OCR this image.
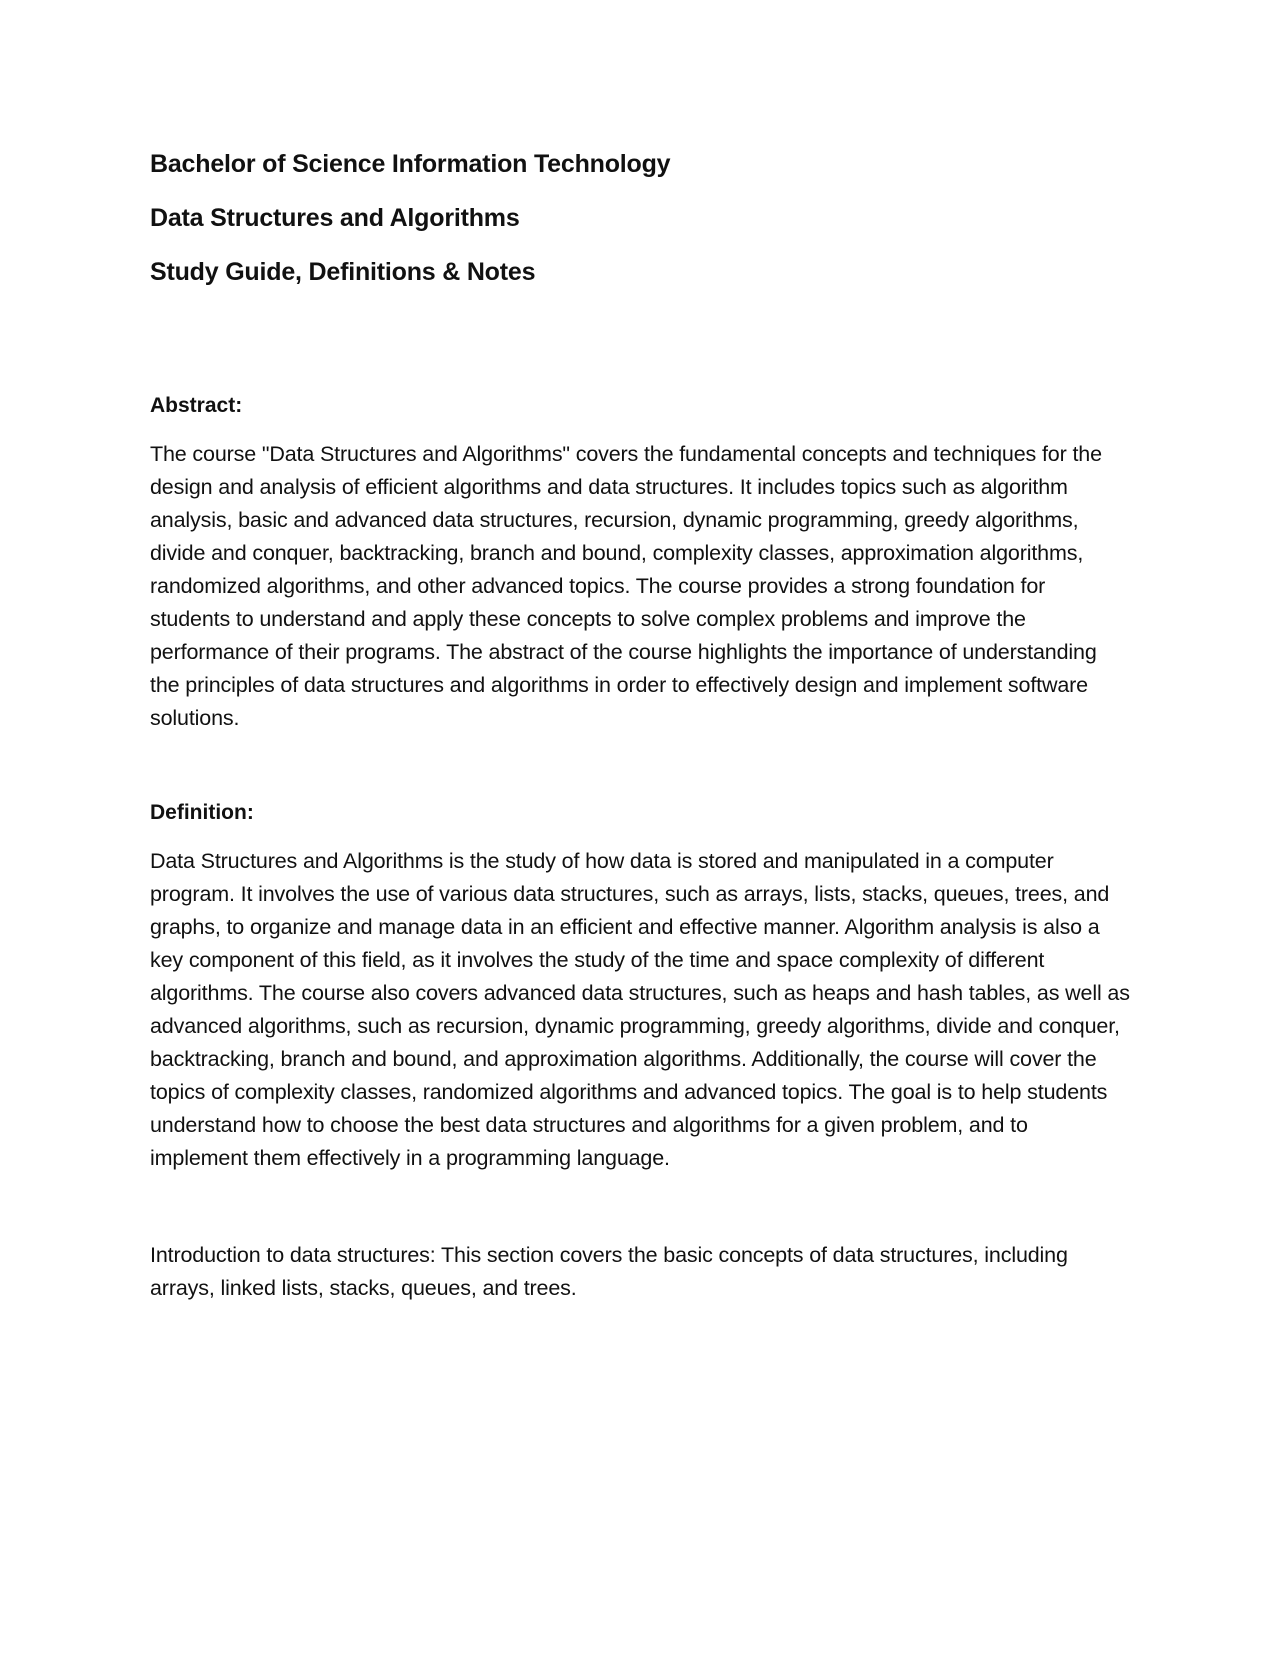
Bachelor of Science Information Technology

Data Structures and Algorithms

Study Guide, Definitions & Notes

Abstract:

The course "Data Structures and Algorithms" covers the fundamental concepts and techniques for the design and analysis of efficient algorithms and data structures. It includes topics such as algorithm analysis, basic and advanced data structures, recursion, dynamic programming, greedy algorithms, divide and conquer, backtracking, branch and bound, complexity classes, approximation algorithms, randomized algorithms, and other advanced topics. The course provides a strong foundation for students to understand and apply these concepts to solve complex problems and improve the performance of their programs. The abstract of the course highlights the importance of understanding the principles of data structures and algorithms in order to effectively design and implement software solutions.

Definition:

Data Structures and Algorithms is the study of how data is stored and manipulated in a computer program. It involves the use of various data structures, such as arrays, lists, stacks, queues, trees, and graphs, to organize and manage data in an efficient and effective manner. Algorithm analysis is also a key component of this field, as it involves the study of the time and space complexity of different algorithms. The course also covers advanced data structures, such as heaps and hash tables, as well as advanced algorithms, such as recursion, dynamic programming, greedy algorithms, divide and conquer, backtracking, branch and bound, and approximation algorithms. Additionally, the course will cover the topics of complexity classes, randomized algorithms and advanced topics. The goal is to help students understand how to choose the best data structures and algorithms for a given problem, and to implement them effectively in a programming language.

Introduction to data structures: This section covers the basic concepts of data structures, including arrays, linked lists, stacks, queues, and trees.
